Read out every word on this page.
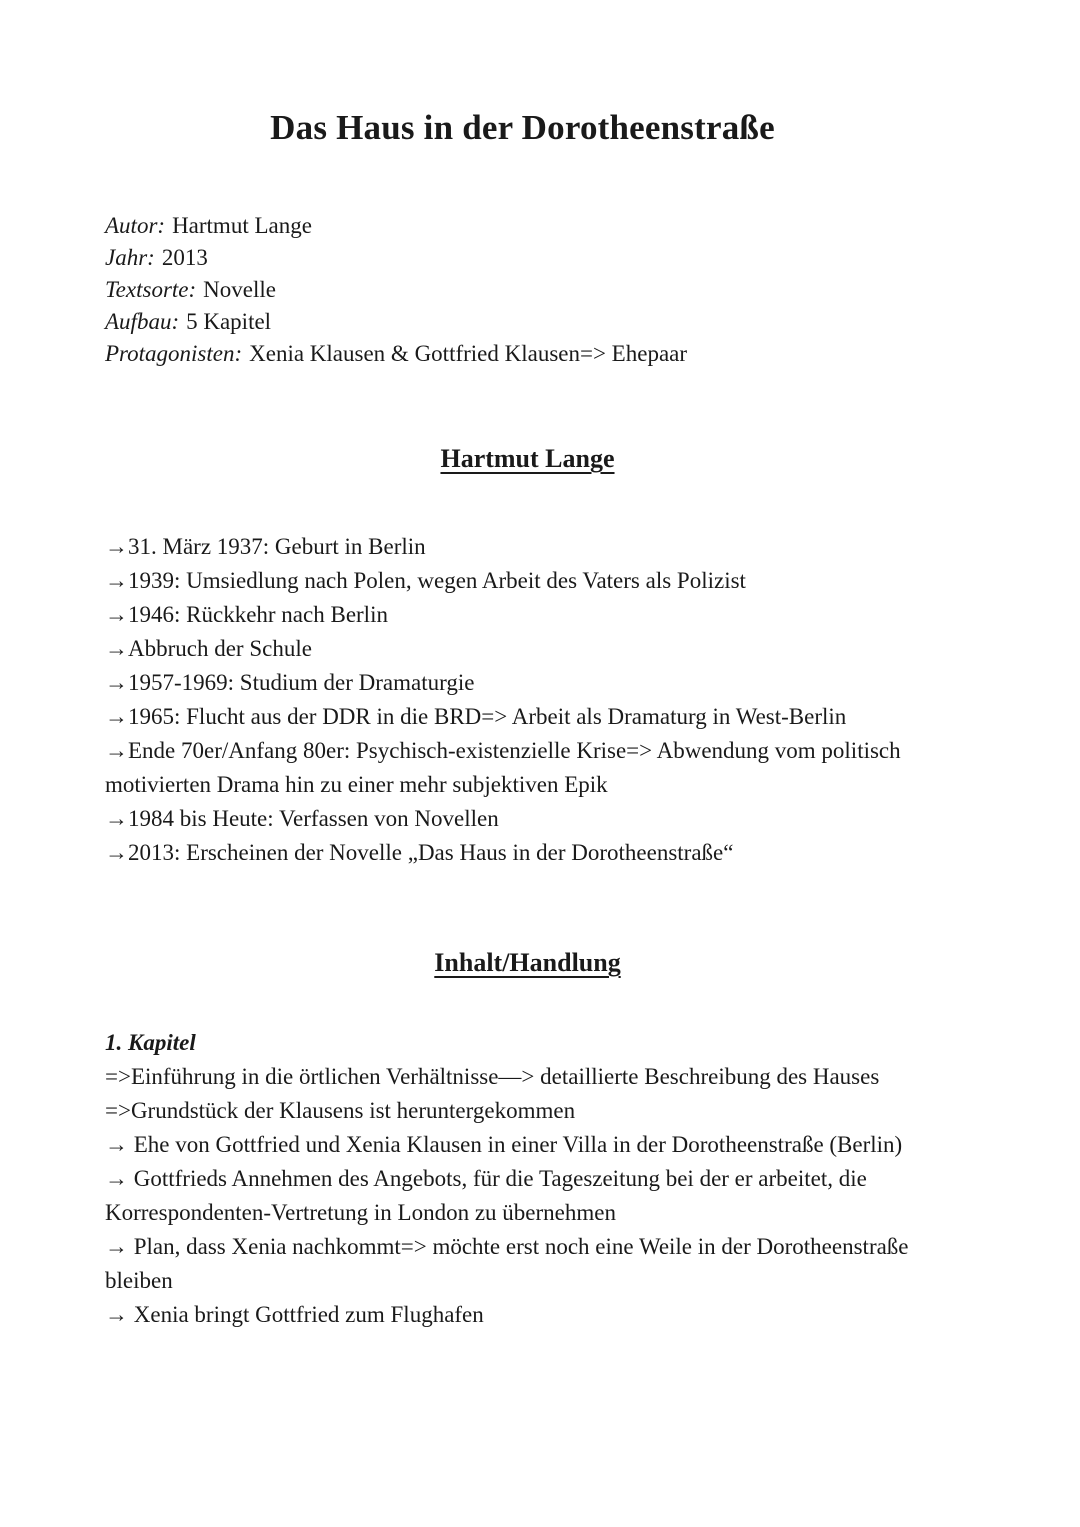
Das Haus in der Dorotheenstraße
Autor: Hartmut Lange
Jahr: 2013
Textsorte: Novelle
Aufbau: 5 Kapitel
Protagonisten: Xenia Klausen & Gottfried Klausen=> Ehepaar
Hartmut Lange
→31. März 1937: Geburt in Berlin
→1939: Umsiedlung nach Polen, wegen Arbeit des Vaters als Polizist
→1946: Rückkehr nach Berlin
→Abbruch der Schule
→1957-1969: Studium der Dramaturgie
→1965: Flucht aus der DDR in die BRD=> Arbeit als Dramaturg in West-Berlin
→Ende 70er/Anfang 80er: Psychisch-existenzielle Krise=> Abwendung vom politisch motivierten Drama hin zu einer mehr subjektiven Epik
→1984 bis Heute: Verfassen von Novellen
→2013: Erscheinen der Novelle „Das Haus in der Dorotheenstraße“
Inhalt/Handlung
1. Kapitel
=>Einführung in die örtlichen Verhältnisse—> detaillierte Beschreibung des Hauses
=>Grundstück der Klausens ist heruntergekommen
→ Ehe von Gottfried und Xenia Klausen in einer Villa in der Dorotheenstraße (Berlin)
→ Gottfrieds Annehmen des Angebots, für die Tageszeitung bei der er arbeitet, die Korrespondenten-Vertretung in London zu übernehmen
→ Plan, dass Xenia nachkommt=> möchte erst noch eine Weile in der Dorotheenstraße bleiben
→ Xenia bringt Gottfried zum Flughafen
